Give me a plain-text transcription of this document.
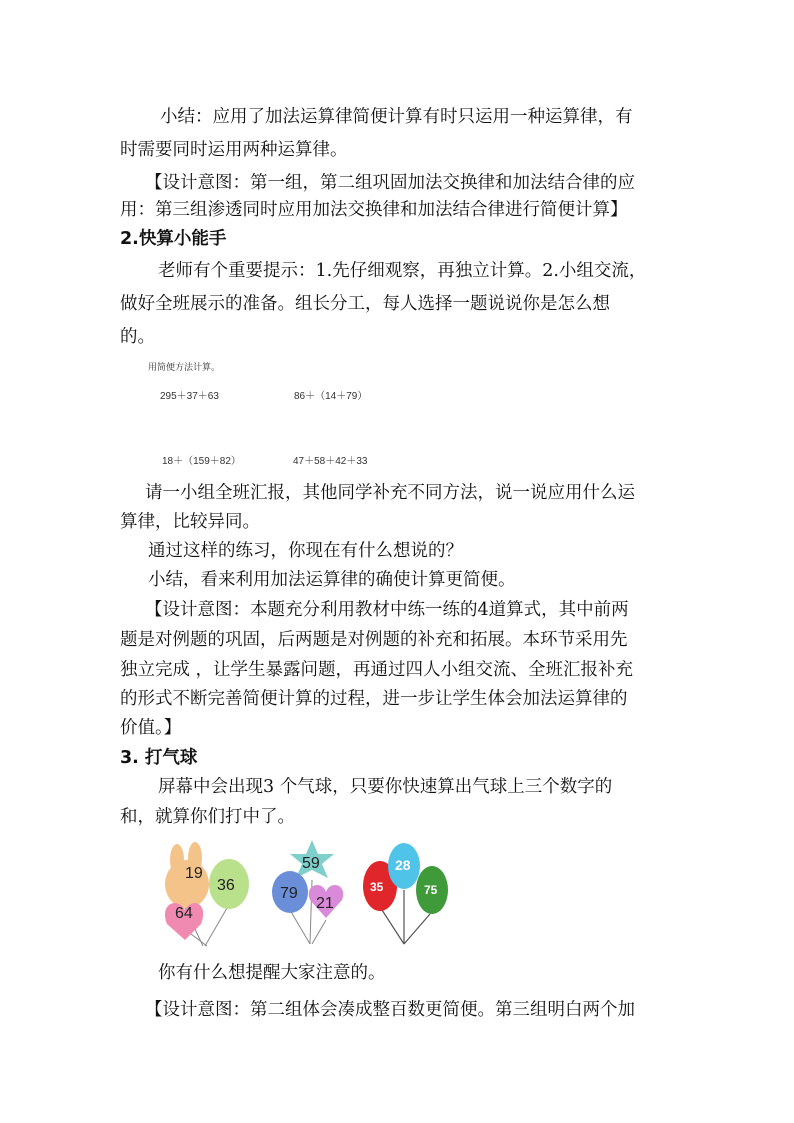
小结：应用了加法运算律简便计算有时只运用一种运算律，有
时需要同时运用两种运算律。
【设计意图：第一组，第二组巩固加法交换律和加法结合律的应
用：第三组渗透同时应用加法交换律和加法结合律进行简便计算】
2.快算小能手
老师有个重要提示：1.先仔细观察，再独立计算。2.小组交流，
做好全班展示的准备。组长分工，每人选择一题说说你是怎么想
的。
用简便方法计算。
295＋37＋63	86＋（14＋79）
18＋（159＋82）	47＋58＋42＋33
请一小组全班汇报，其他同学补充不同方法，说一说应用什么运
算律，比较异同。
通过这样的练习，你现在有什么想说的？
小结，看来利用加法运算律的确使计算更简便。
【设计意图：本题充分利用教材中练一练的4道算式，其中前两
题是对例题的巩固，后两题是对例题的补充和拓展。本环节采用先
独立完成 ，让学生暴露问题，再通过四人小组交流、全班汇报补充
的形式不断完善简便计算的过程，进一步让学生体会加法运算律的
价值。】
3. 打气球
屏幕中会出现3 个气球，只要你快速算出气球上三个数字的
和，就算你们打中了。
19
36
64
59
79
21
28
35	75
你有什么想提醒大家注意的。
【设计意图：第二组体会凑成整百数更简便。第三组明白两个加
